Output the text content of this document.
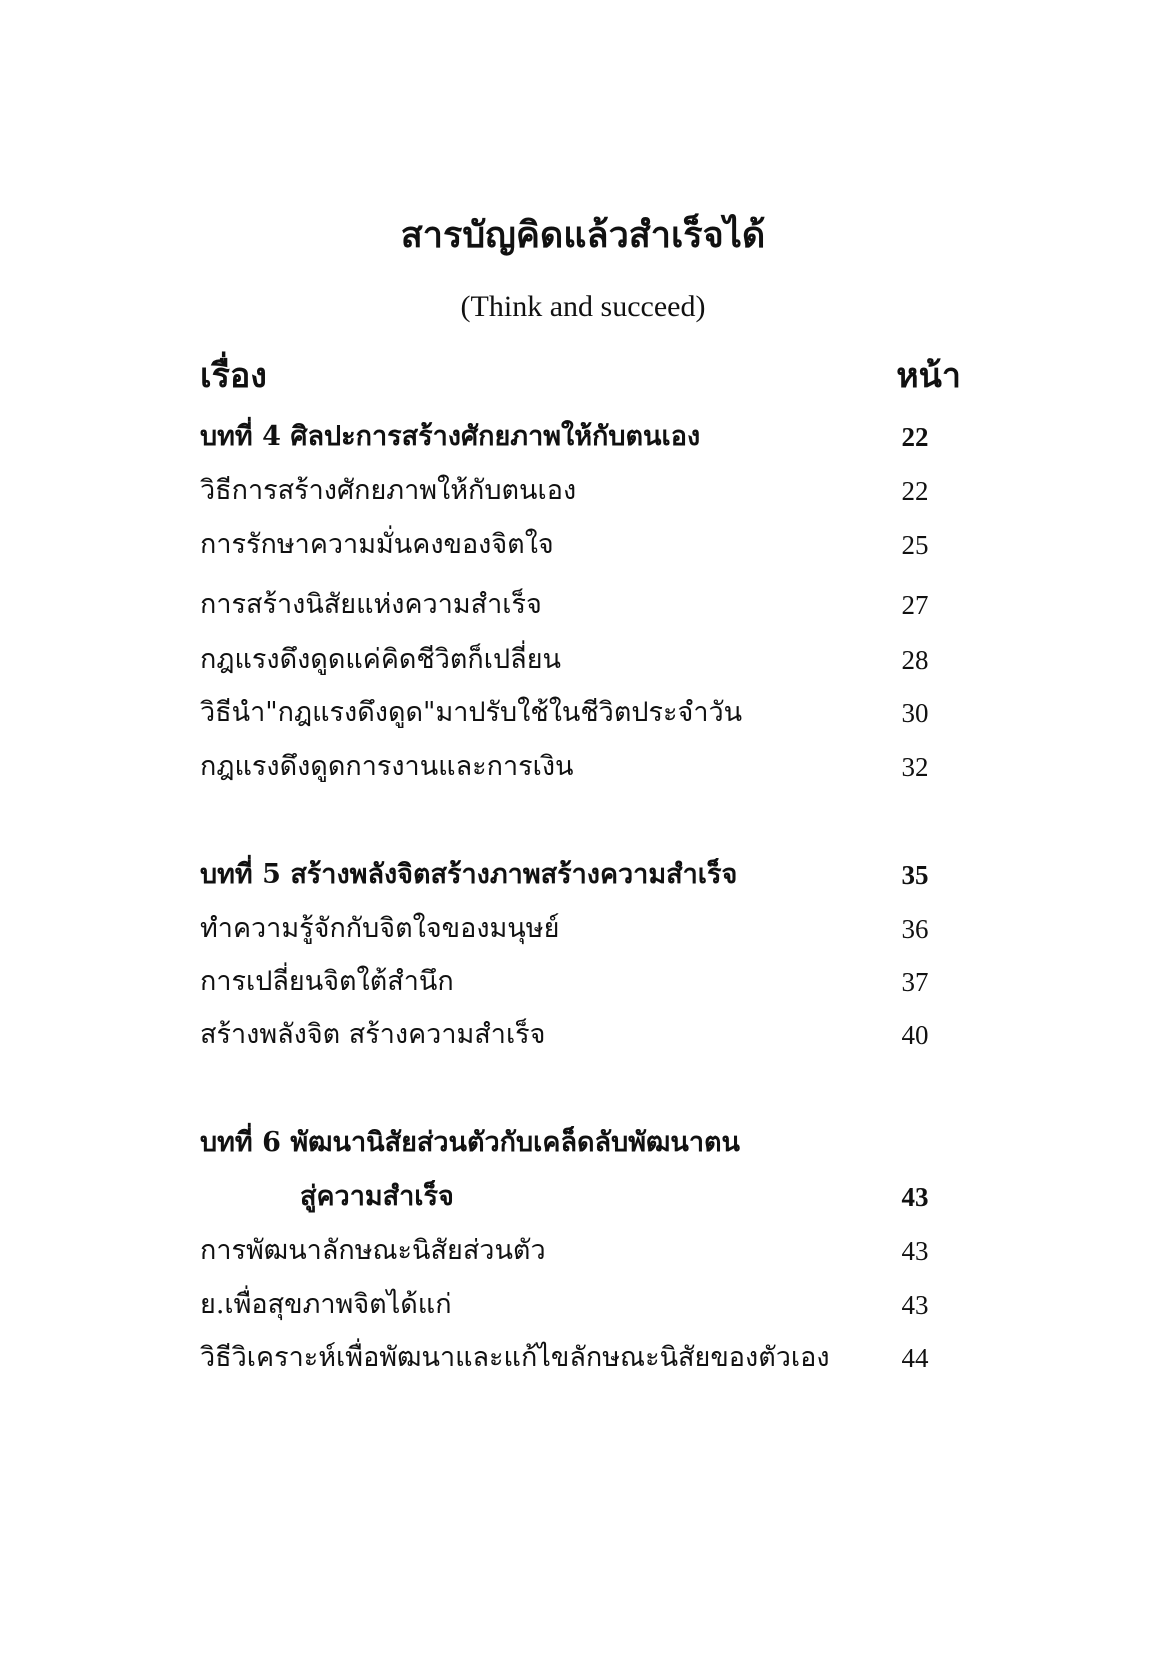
สารบัญคิดแล้วสำเร็จได้
(Think and succeed)
เรื่อง	หน้า
บทที่ 4 ศิลปะการสร้างศักยภาพให้กับตนเอง	22
วิธีการสร้างศักยภาพให้กับตนเอง	22
การรักษาความมั่นคงของจิตใจ	25
การสร้างนิสัยแห่งความสำเร็จ	27
กฎแรงดึงดูดแค่คิดชีวิตก็เปลี่ยน	28
วิธีนำ"กฎแรงดึงดูด"มาปรับใช้ในชีวิตประจำวัน	30
กฎแรงดึงดูดการงานและการเงิน	32
บทที่ 5 สร้างพลังจิตสร้างภาพสร้างความสำเร็จ	35
ทำความรู้จักกับจิตใจของมนุษย์	36
การเปลี่ยนจิตใต้สำนึก	37
สร้างพลังจิต สร้างความสำเร็จ	40
บทที่ 6 พัฒนานิสัยส่วนตัวกับเคล็ดลับพัฒนาตน
สู่ความสำเร็จ	43
การพัฒนาลักษณะนิสัยส่วนตัว	43
ย.เพื่อสุขภาพจิตได้แก่	43
วิธีวิเคราะห์เพื่อพัฒนาและแก้ไขลักษณะนิสัยของตัวเอง	44
